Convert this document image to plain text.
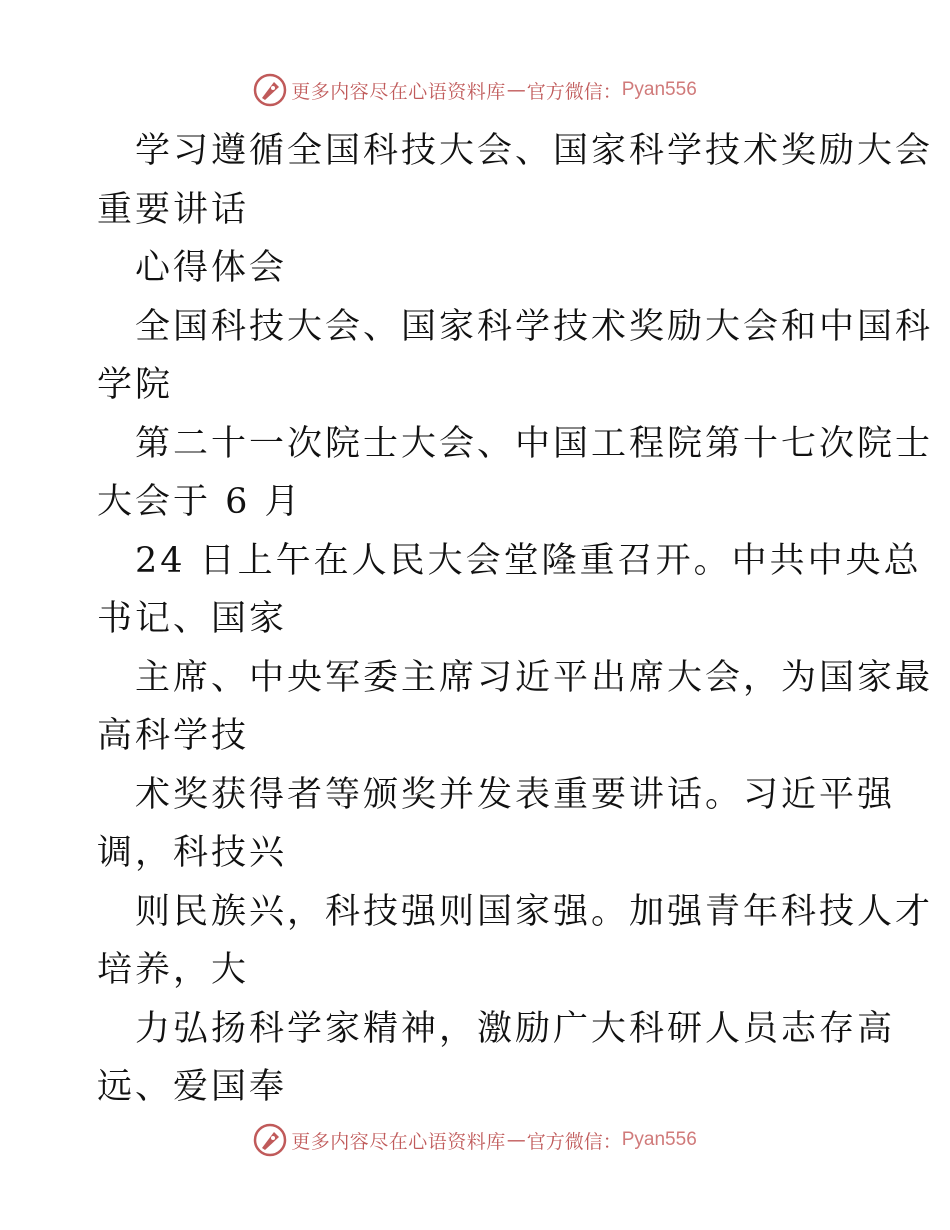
更多内容尽在心语资料库 — 官方微信： Pyan556
学习遵循全国科技大会、国家科学技术奖励大会
重要讲话
心得体会
全国科技大会、国家科学技术奖励大会和中国科
学院
第二十一次院士大会、中国工程院第十七次院士
大会于 6 月
24 日上午在人民大会堂隆重召开。中共中央总
书记、国家
主席、中央军委主席习近平出席大会，为国家最
高科学技
术奖获得者等颁奖并发表重要讲话。习近平强
调，科技兴
则民族兴，科技强则国家强。加强青年科技人才
培养，大
力弘扬科学家精神，激励广大科研人员志存高
远、爱国奉
更多内容尽在心语资料库 — 官方微信： Pyan556
